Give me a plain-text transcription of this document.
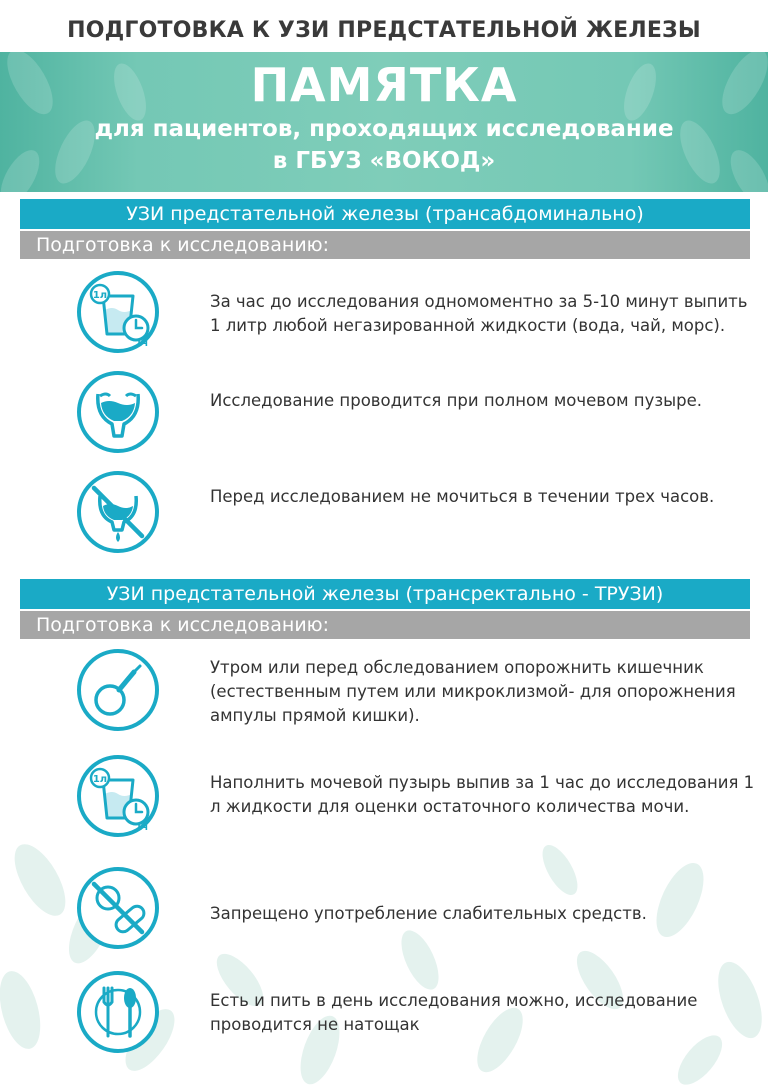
ПОДГОТОВКА К УЗИ ПРЕДСТАТЕЛЬНОЙ ЖЕЛЕЗЫ
ПАМЯТКА
для пациентов, проходящих исследование
в ГБУЗ «ВОКОД»
УЗИ предстательной железы (трансабдоминально)
Подготовка к исследованию:
1л
1ч
За час до исследования одномоментно за 5-10 минут выпить 1 литр любой негазированной жидкости (вода, чай, морс).
Исследование проводится при полном мочевом пузыре.
Перед исследованием не мочиться в течении трех часов.
УЗИ предстательной железы (трансректально - ТРУЗИ)
Подготовка к исследованию:
Утром или перед обследованием опорожнить кишечник (естественным путем или микроклизмой- для опорожнения ампулы прямой кишки).
1л
1ч
Наполнить мочевой пузырь выпив за 1 час до исследования 1 л жидкости для оценки остаточного количества мочи.
Запрещено употребление слабительных средств.
Есть и пить в день исследования можно, исследование проводится не натощак
